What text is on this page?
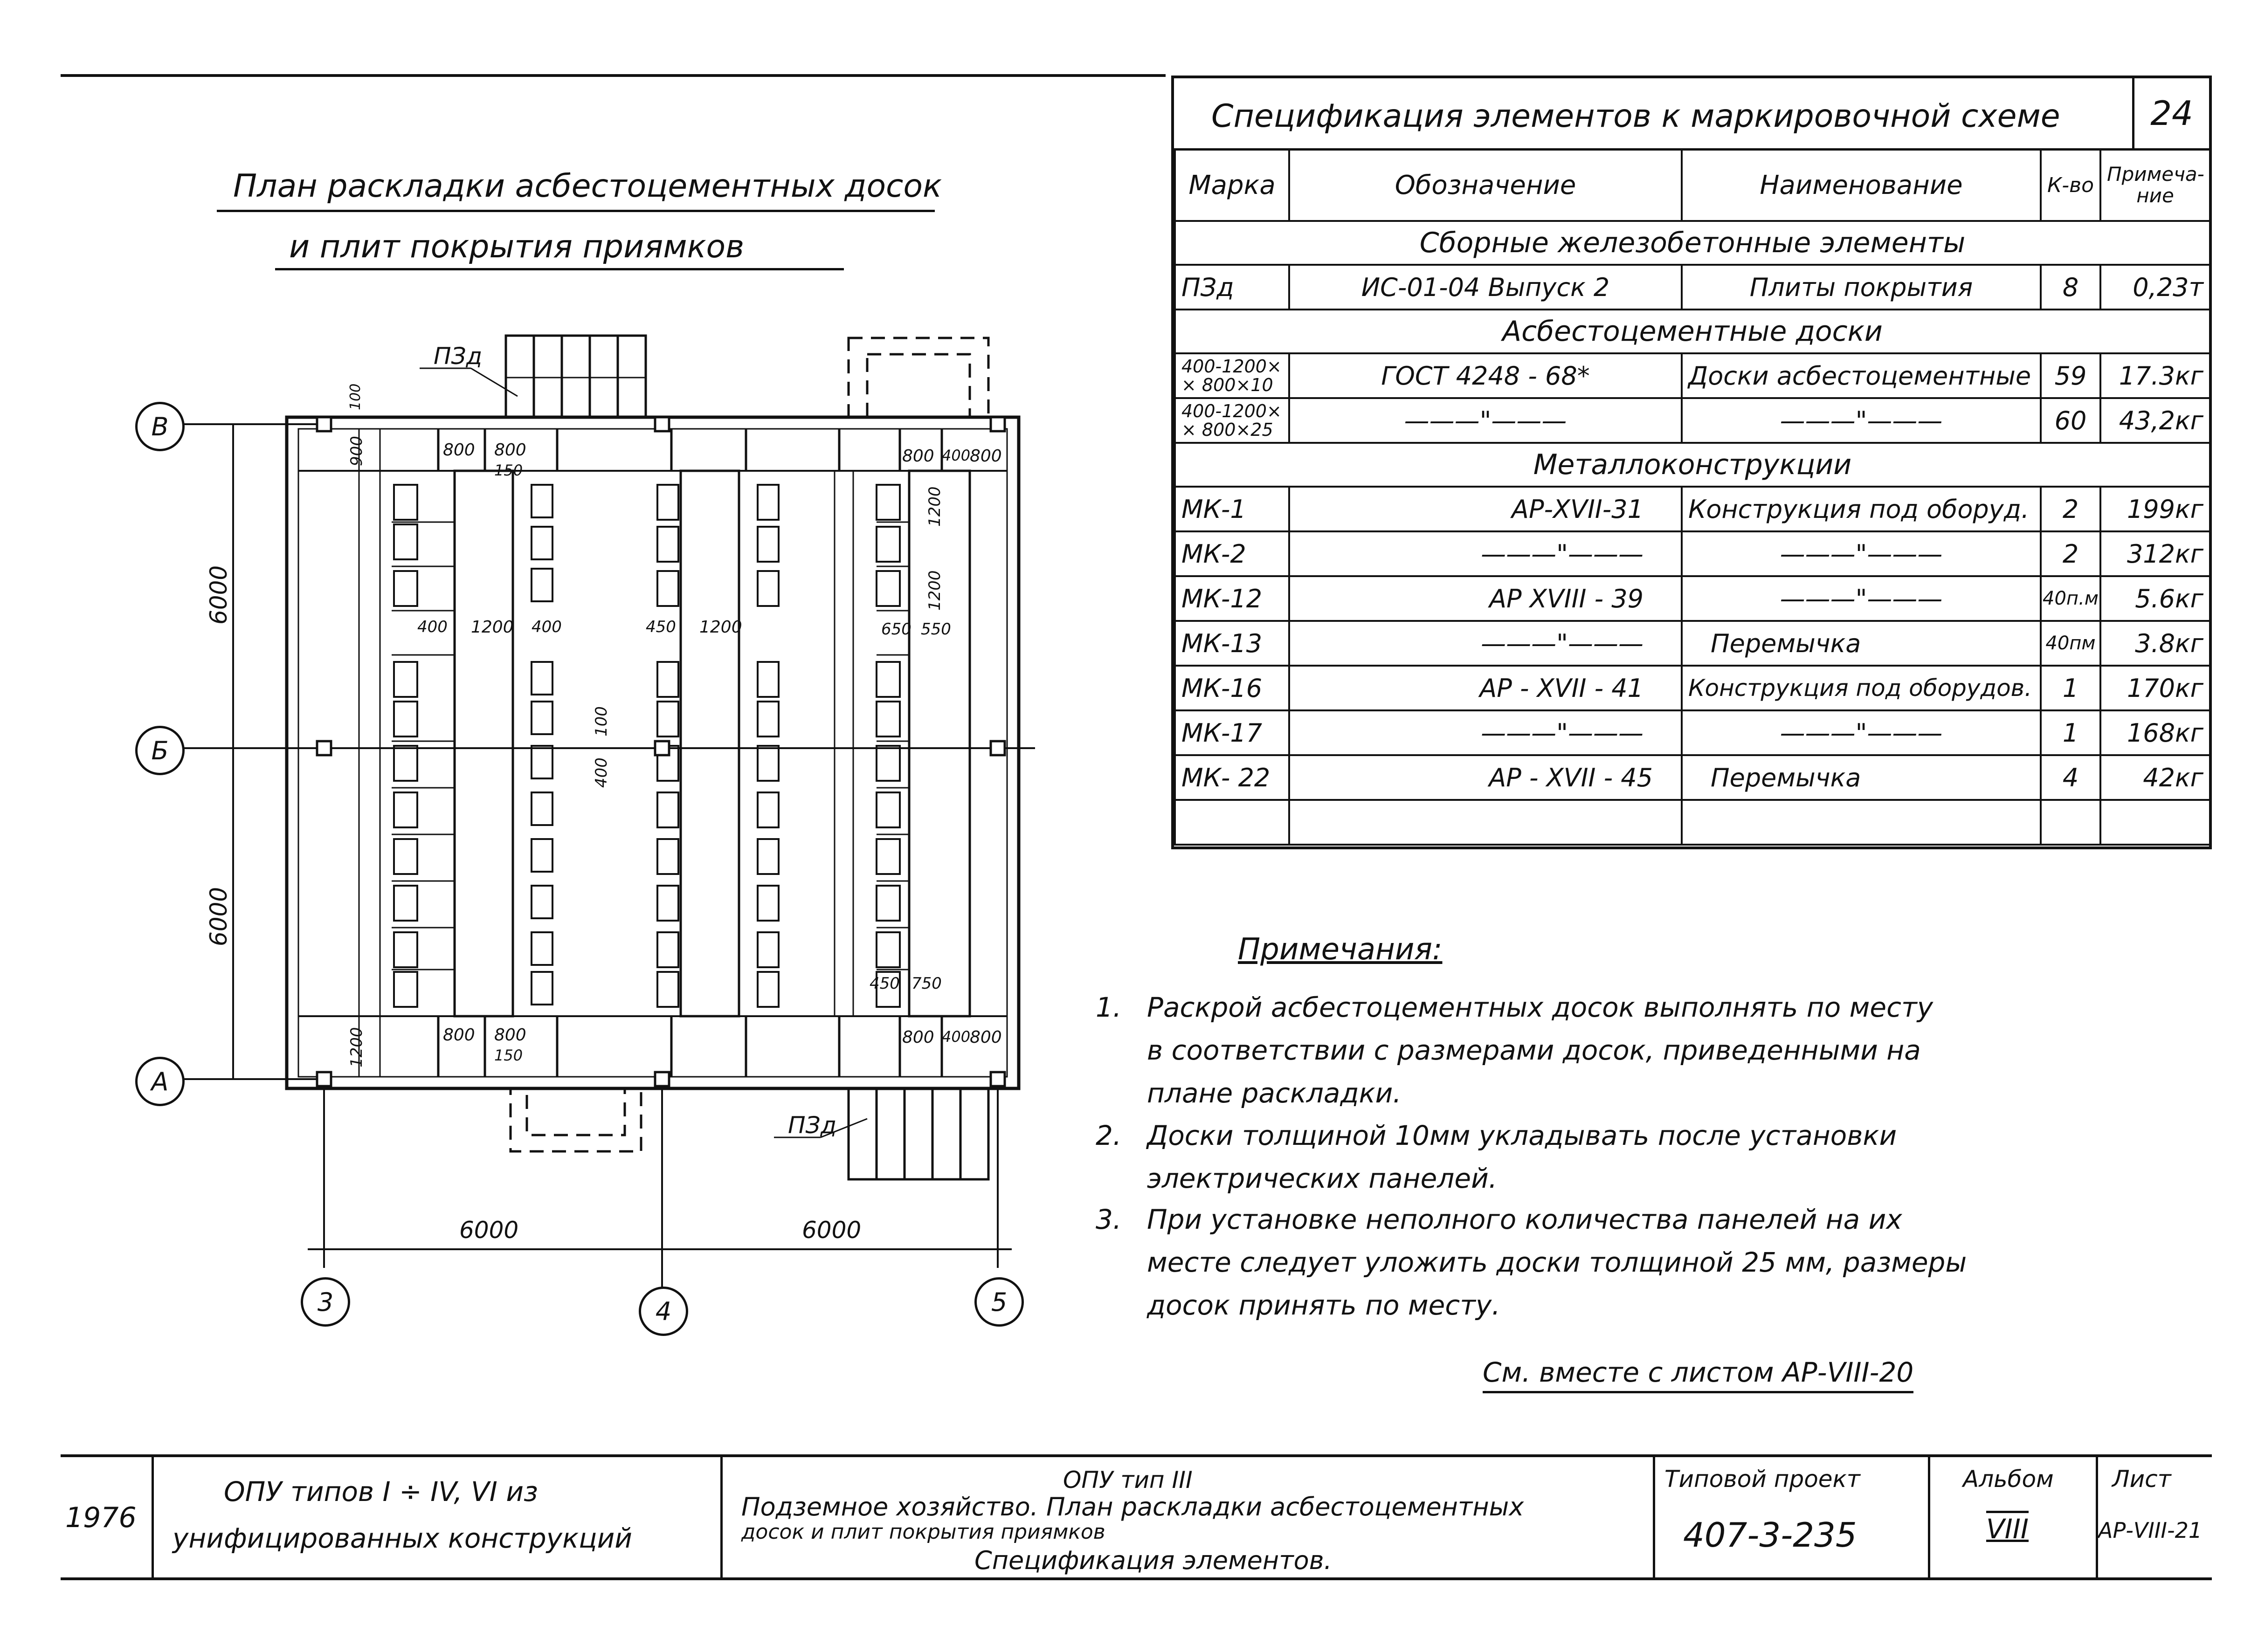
План раскладки асбестоцементных досок
и плит покрытия приямков
В
Б
А
3	4	5
6000	6000
6000
6000
ПЗд
ПЗд
800 800
150
800 400
800
400 1200 400	450 1200	650 550
750
450
800 800
150
800 400
800
900
1200
1200
1200
400
100
100
Спецификация элементов к маркировочной схеме	24
Марка	Обозначение	Наименование	К-во	Примеча-
ние
Сборные железобетонные элементы				
ПЗд	ИС-01-04 Выпуск 2	Плиты покрытия	8	0,23т
Асбестоцементные доски				
400-1200×
× 800×10	ГОСТ 4248 - 68*	Доски асбестоцементные	59	17.3кг
400-1200×
× 800×25	———"———	———"———	60	43,2кг
Металлоконструкции				
МК-1	АР-ХVII-31	Конструкция под оборуд.	2	199кг
МК-2	———"———	———"———	2	312кг
МК-12	АР XVIII - 39	———"———	40п.м	5.6кг
МК-13	———"———	Перемычка	40пм	3.8кг
МК-16	АР - XVII - 41	Конструкция под оборудов.	1	170кг
МК-17	———"———	———"———	1	168кг
МК- 22	АР - XVII - 45	Перемычка	4	42кг

Примечания:
1. Раскрой асбестоцементных досок выполнять по месту
в соответствии с размерами досок, приведенными на
плане раскладки.
2. Доски толщиной 10мм укладывать после установки
электрических панелей.
3. При установке неполного количества панелей на их
месте следует уложить доски толщиной 25 мм, размеры
досок принять по месту.
См. вместе с листом АР-VIII-20
1976
ОПУ типов I ÷ IV, VI из
унифицированных конструкций
ОПУ тип III
Подземное хозяйство. План раскладки асбестоцементных
досок и плит покрытия приямков
Спецификация элементов.
Типовой проект
407-3-235
Альбом
VIII
Лист
АР-VIII-21
